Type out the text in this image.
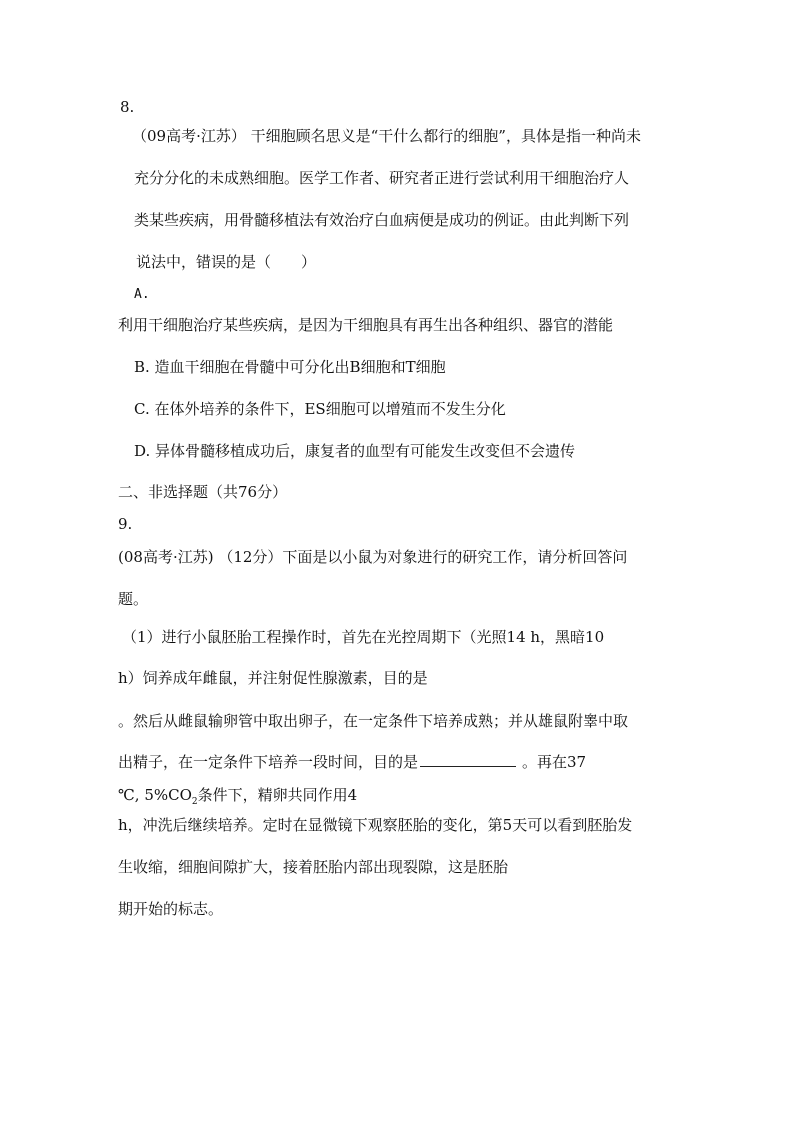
8.
（09高考·江苏） 干细胞顾名思义是“干什么都行的细胞”，具体是指一种尚未
充分分化的未成熟细胞。医学工作者、研究者正进行尝试利用干细胞治疗人
类某些疾病，用骨髓移植法有效治疗白血病便是成功的例证。由此判断下列
说法中，错误的是（　　）
A.
利用干细胞治疗某些疾病，是因为干细胞具有再生出各种组织、器官的潜能
B. 造血干细胞在骨髓中可分化出B细胞和T细胞
C. 在体外培养的条件下，ES细胞可以增殖而不发生分化
D. 异体骨髓移植成功后，康复者的血型有可能发生改变但不会遗传
二、非选择题（共76分）
9.
(08高考·江苏) （12分）下面是以小鼠为对象进行的研究工作，请分析回答问
题。
（1）进行小鼠胚胎工程操作时，首先在光控周期下（光照14 h，黑暗10
h）饲养成年雌鼠，并注射促性腺激素，目的是
。然后从雌鼠输卵管中取出卵子，在一定条件下培养成熟；并从雄鼠附睾中取
出精子，在一定条件下培养一段时间，目的是	。再在37
℃, $5\%CO_2$条件下，精卵共同作用4
h，冲洗后继续培养。定时在显微镜下观察胚胎的变化，第5天可以看到胚胎发
生收缩，细胞间隙扩大，接着胚胎内部出现裂隙，这是胚胎
期开始的标志。
